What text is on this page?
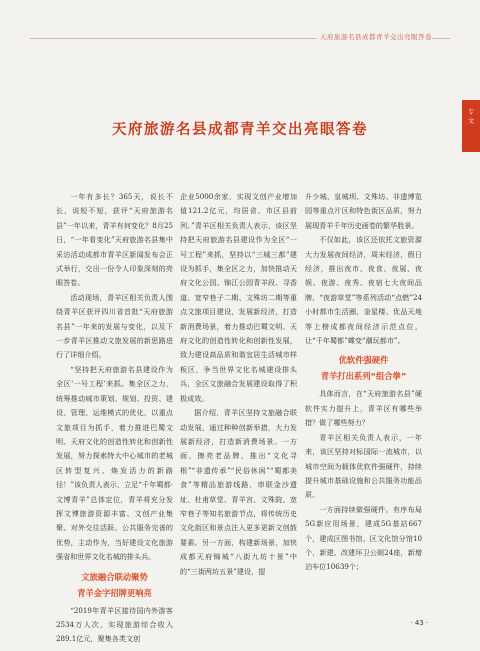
天府旅游名县成都青羊交出亮眼答卷
专
文
天府旅游名县成都青羊交出亮眼答卷

一年有多长？365天，说长不长，说短不短，获评“天府旅游名县”一年以来，青羊有何变化？8月25日，“一年看变化”天府旅游名县集中采访活动成都市青羊区新闻发布会正式举行，交出一份令人印象深刻的亮眼答卷。

活动现场，青羊区相关负责人围绕青羊区获评四川省首批“天府旅游名县”一年来的发展与变化，以及下一步青羊区推动文旅发展的新思路进行了详细介绍。

“坚持把天府旅游名县建设作为全区‘一号工程’来抓。集全区之力，统筹推动城市策划、规划、投资、建设、管理、运维模式的优化，以重点文旅项目为抓手，着力推进巴蜀文明、天府文化的创造性转化和创新性发展，努力探索特大中心城市的老城区转型复兴、焕发活力的新路径！”该负责人表示，立足“千年蜀都·文博青羊”总体定位，青羊将充分发挥文博旅游资源丰富、文创产业集聚、对外交往活跃、公共服务完善的优势，主动作为，当好建设文化旅游强省和世界文化名城的排头兵。

文旅融合联动聚势
青羊金字招牌更响亮

“2019年青羊区接待国内外游客2534万人次，实现旅游综合收入289.1亿元，聚集各类文创

企业5000余家，实现文创产业增加值121.2亿元，均居省、市区县前列。”青羊区相关负责人表示，该区坚持把天府旅游名县建设作为全区“一号工程”来抓，坚持以“三城三都”建设为抓手，集全区之力，加快推动天府文化公园、锦江公园青羊段、寻香道、宽窄巷子二期、文殊坊二期等重点文旅项目建设，发展新经济，打造新消费场景，着力推动巴蜀文明、天府文化的创造性转化和创新性发展，致力建设高品质和谐宜居生活城市样板区，争当世界文化名城建设排头兵，全区文旅融合发展建设取得了积极成效。

据介绍，青羊区坚持文旅融合联动发展，通过种种创新举措，大力发展新经济，打造新消费场景。一方面，擦亮老品牌，推出“文化寻根”“非遗传承”“民俗休闲”“蜀都美食”等精品旅游线路，串联金沙遗址、杜甫草堂、青羊宫、文殊院、宽窄巷子等知名旅游节点，将传统历史文化街区和景点注入更多更新文创鼓要素。另一方面，构建新场景，加快成都天府锦城“八街九坊十景”中的“三街两坊五景”建设，提

升少城、皇城坝、文殊坊、非遗博览园等重点片区和特色街区品质，努力展现青羊千年历史画卷的繁华胜景。

不仅如此，该区还依托文旅资源大力发展夜间经济，周末经济，假日经济，推出夜市、夜食、夜展、夜娱、夜游、夜秀、夜宿七大夜间品牌，“夜游草堂”等系列活动“点燃”24小时都市生活圈，奎星楼、优品天地等上榜成都夜间经济示范点位，让“千年蜀都”蝶变“潮玩都市”。

优软件强硬件
青羊打出系列“组合拳”

具体而言，在“天府旅游名县”硬软件实力提升上，青羊区有哪些举措？做了哪些努力？

青羊区相关负责人表示，一年来，该区坚持对标国际一流城市，以城市空间为载体优软件强硬件，持续提升城市基础设施和公共服务功能品质。

一方面持续做强硬件。有序布局5G新应用场景，建成5G基站667个，建成区图书馆、区文化馆分馆10个，新建、改建环卫公厕24座，新增泊车位10639个；

· 43 ·
